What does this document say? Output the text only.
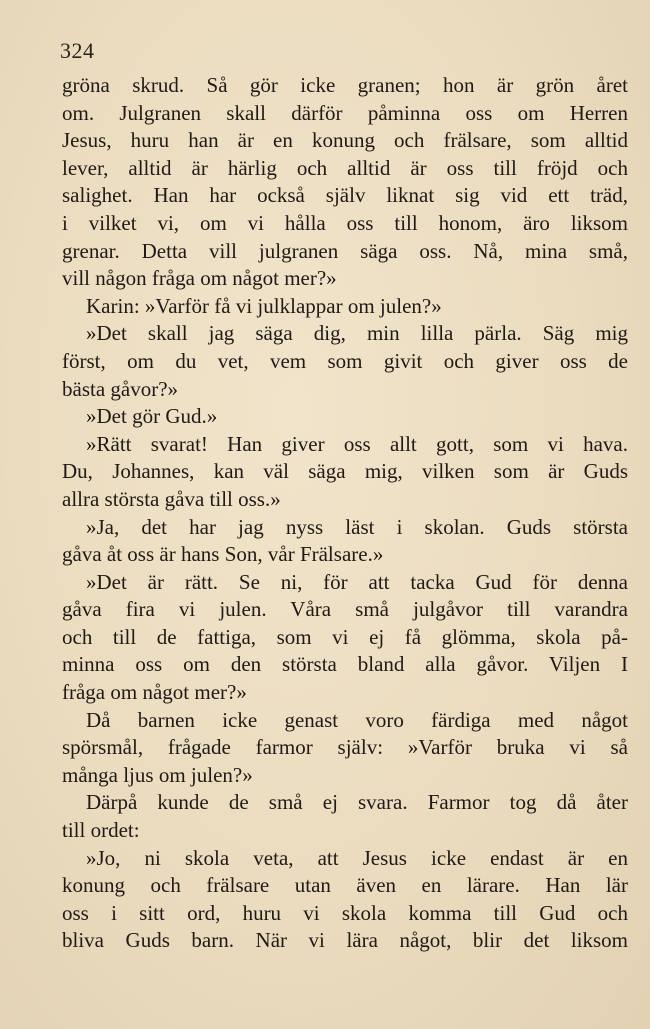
324
gröna skrud. Så gör icke granen; hon är grön året
om. Julgranen skall därför påminna oss om Herren
Jesus, huru han är en konung och frälsare, som alltid
lever, alltid är härlig och alltid är oss till fröjd och
salighet. Han har också själv liknat sig vid ett träd,
i vilket vi, om vi hålla oss till honom, äro liksom
grenar. Detta vill julgranen säga oss. Nå, mina små,
vill någon fråga om något mer?»
Karin: »Varför få vi julklappar om julen?»
»Det skall jag säga dig, min lilla pärla. Säg mig
först, om du vet, vem som givit och giver oss de
bästa gåvor?»
»Det gör Gud.»
»Rätt svarat! Han giver oss allt gott, som vi hava.
Du, Johannes, kan väl säga mig, vilken som är Guds
allra största gåva till oss.»
»Ja, det har jag nyss läst i skolan. Guds största
gåva åt oss är hans Son, vår Frälsare.»
»Det är rätt. Se ni, för att tacka Gud för denna
gåva fira vi julen. Våra små julgåvor till varandra
och till de fattiga, som vi ej få glömma, skola på-
minna oss om den största bland alla gåvor. Viljen I
fråga om något mer?»
Då barnen icke genast voro färdiga med något
spörsmål, frågade farmor själv: »Varför bruka vi så
många ljus om julen?»
Därpå kunde de små ej svara. Farmor tog då åter
till ordet:
»Jo, ni skola veta, att Jesus icke endast är en
konung och frälsare utan även en lärare. Han lär
oss i sitt ord, huru vi skola komma till Gud och
bliva Guds barn. När vi lära något, blir det liksom
